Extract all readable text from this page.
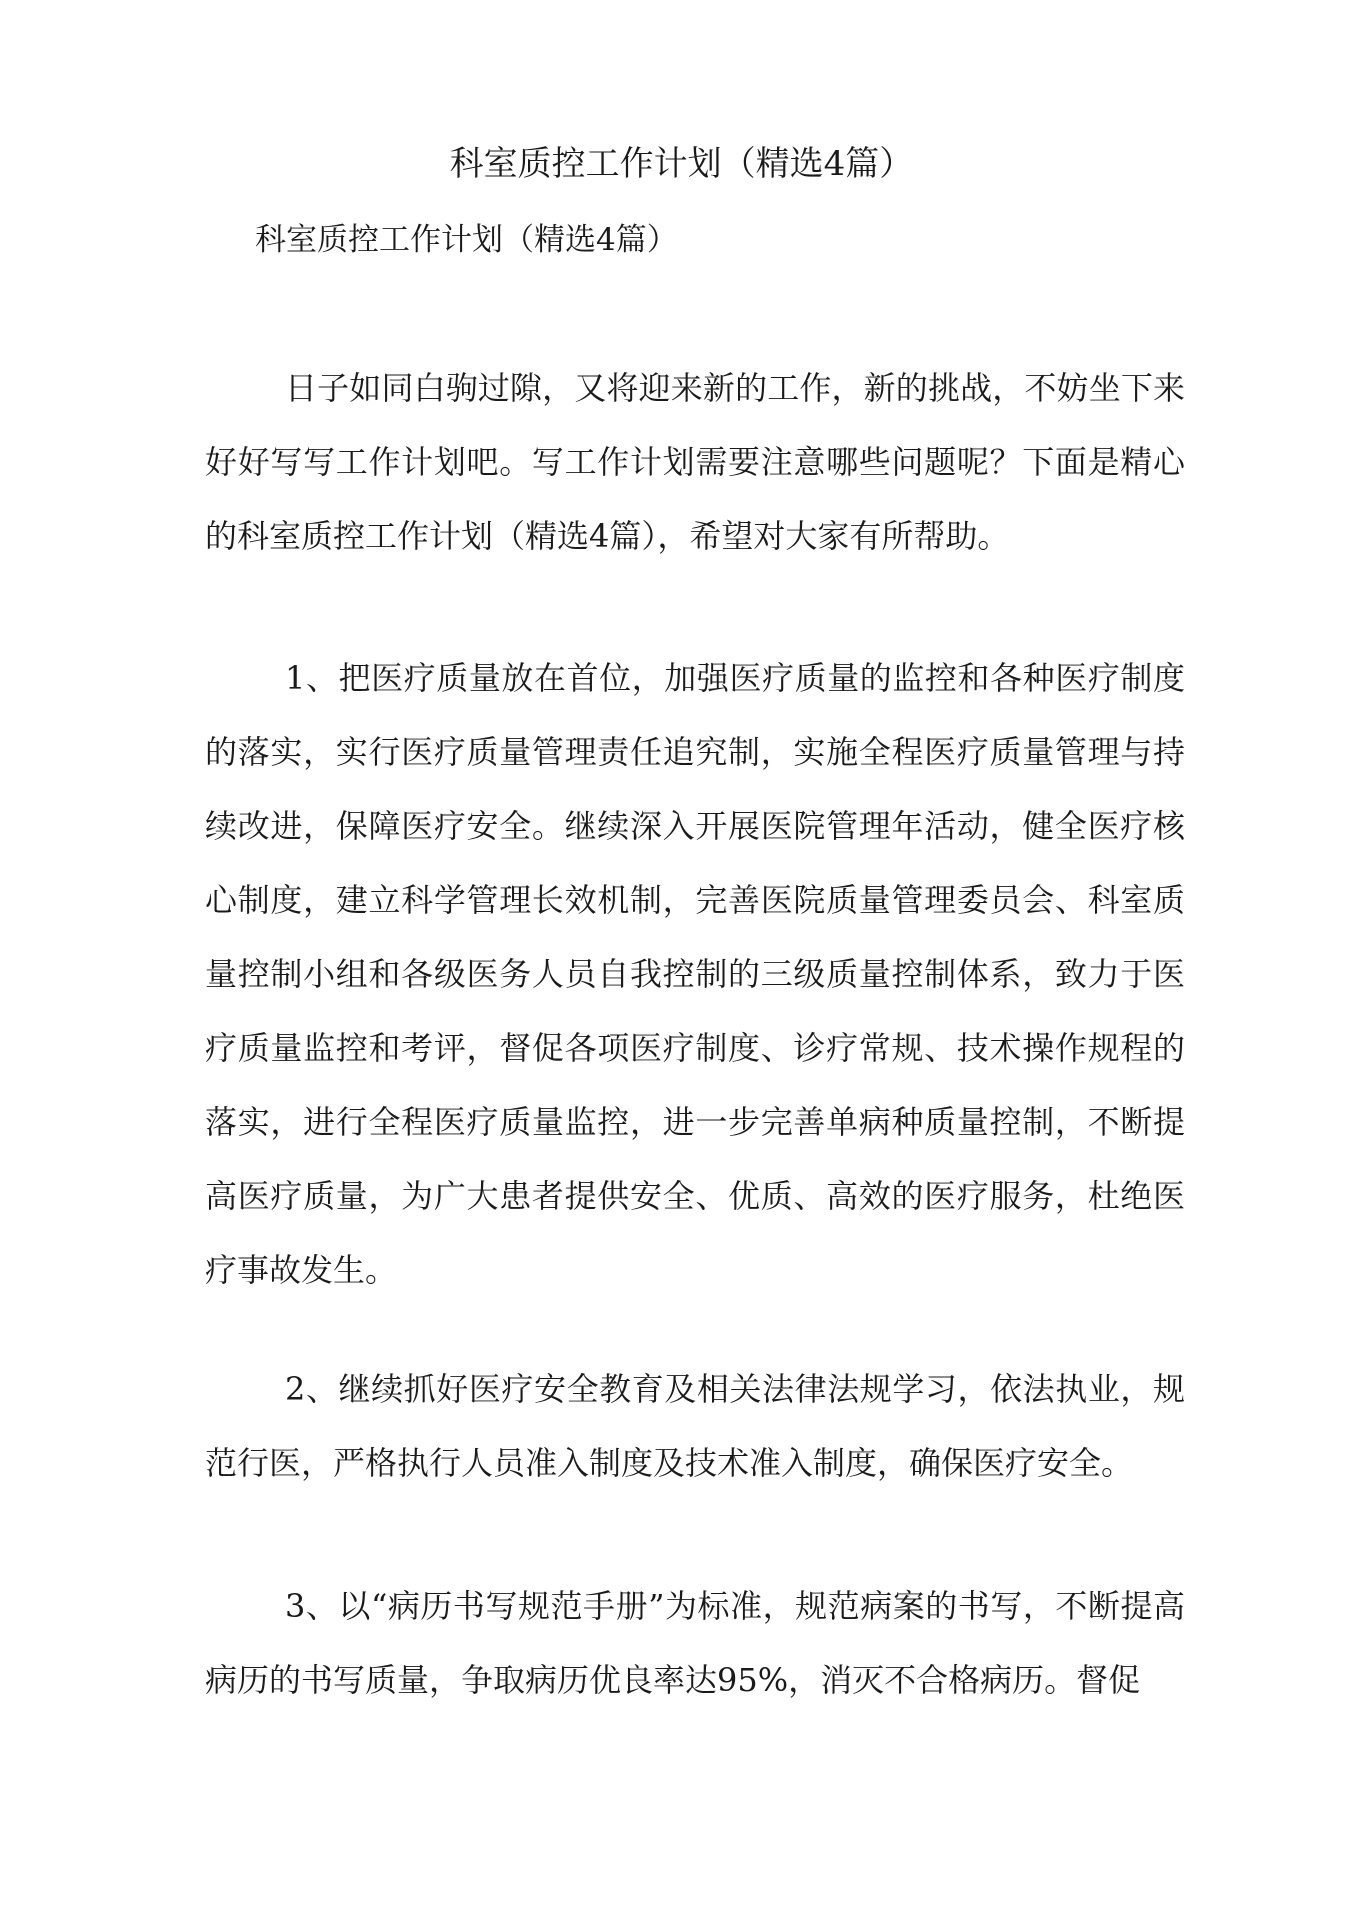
科室质控工作计划（精选4篇）

科室质控工作计划（精选4篇）

日子如同白驹过隙，又将迎来新的工作，新的挑战，不妨坐下来好好写写工作计划吧。写工作计划需要注意哪些问题呢？下面是精心的科室质控工作计划（精选4篇），希望对大家有所帮助。

1、把医疗质量放在首位，加强医疗质量的监控和各种医疗制度的落实，实行医疗质量管理责任追究制，实施全程医疗质量管理与持续改进，保障医疗安全。继续深入开展医院管理年活动，健全医疗核心制度，建立科学管理长效机制，完善医院质量管理委员会、科室质量控制小组和各级医务人员自我控制的三级质量控制体系，致力于医疗质量监控和考评，督促各项医疗制度、诊疗常规、技术操作规程的落实，进行全程医疗质量监控，进一步完善单病种质量控制，不断提高医疗质量，为广大患者提供安全、优质、高效的医疗服务，杜绝医疗事故发生。

2、继续抓好医疗安全教育及相关法律法规学习，依法执业，规范行医，严格执行人员准入制度及技术准入制度，确保医疗安全。

3、以“病历书写规范手册”为标准，规范病案的书写，不断提高病历的书写质量，争取病历优良率达95%，消灭不合格病历。督促
